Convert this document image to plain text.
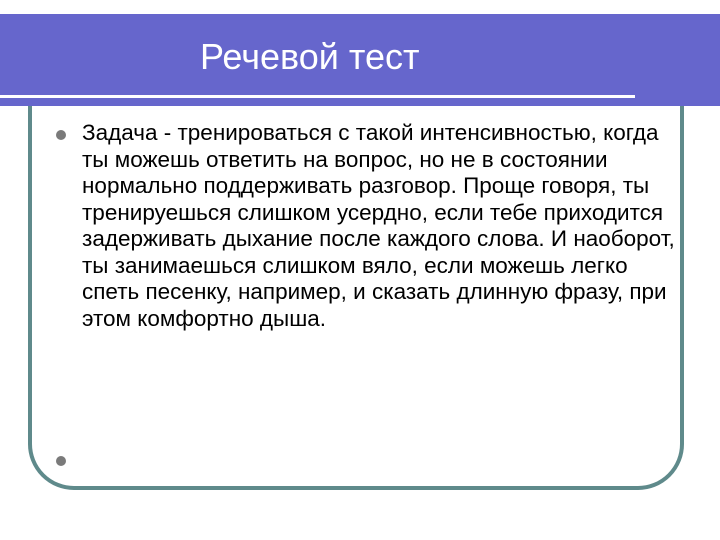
Речевой тест
Задача - тренироваться с такой интенсивностью, когда ты можешь ответить на вопрос, но не в состоянии нормально поддерживать разговор. Проще говоря, ты тренируешься слишком усердно, если тебе приходится задерживать дыхание после каждого слова. И наоборот, ты занимаешься слишком вяло, если можешь легко спеть песенку, например, и сказать длинную фразу, при этом комфортно дыша.
